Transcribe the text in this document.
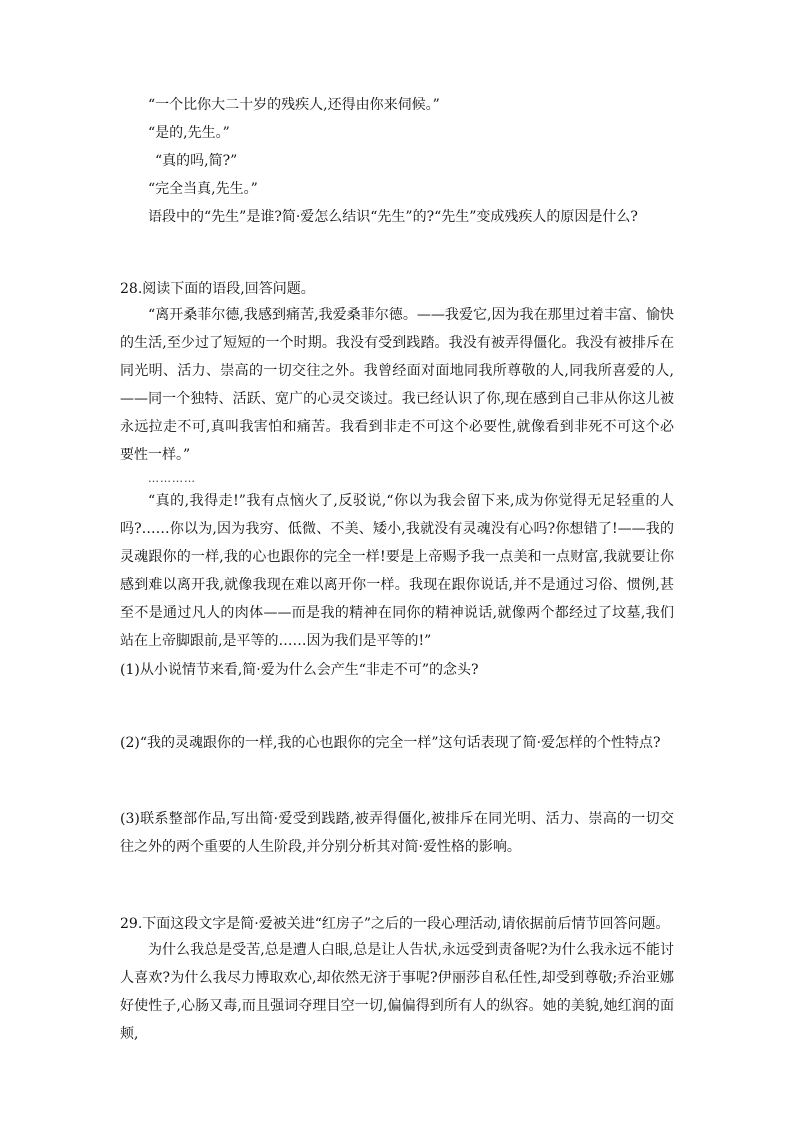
“一个比你大二十岁的残疾人,还得由你来伺候。”
“是的,先生。”
“真的吗,简?”
“完全当真,先生。”
语段中的“先生”是谁?简·爱怎么结识“先生”的?“先生”变成残疾人的原因是什么?
28.阅读下面的语段,回答问题。

“离开桑菲尔德,我感到痛苦,我爱桑菲尔德。——我爱它,因为我在那里过着丰富、愉快的生活,至少过了短短的一个时期。我没有受到践踏。我没有被弄得僵化。我没有被排斥在同光明、活力、崇高的一切交往之外。我曾经面对面地同我所尊敬的人,同我所喜爱的人,——同一个独特、活跃、宽广的心灵交谈过。我已经认识了你,现在感到自己非从你这儿被永远拉走不可,真叫我害怕和痛苦。我看到非走不可这个必要性,就像看到非死不可这个必要性一样。”

…………

“真的,我得走!”我有点恼火了,反驳说,“你以为我会留下来,成为你觉得无足轻重的人吗?……你以为,因为我穷、低微、不美、矮小,我就没有灵魂没有心吗?你想错了!——我的灵魂跟你的一样,我的心也跟你的完全一样!要是上帝赐予我一点美和一点财富,我就要让你感到难以离开我,就像我现在难以离开你一样。我现在跟你说话,并不是通过习俗、惯例,甚至不是通过凡人的肉体——而是我的精神在同你的精神说话,就像两个都经过了坟墓,我们站在上帝脚跟前,是平等的……因为我们是平等的!”

(1)从小说情节来看,简·爱为什么会产生“非走不可”的念头?
(2)“我的灵魂跟你的一样,我的心也跟你的完全一样”这句话表现了简·爱怎样的个性特点?

(3)联系整部作品,写出简·爱受到践踏,被弄得僵化,被排斥在同光明、活力、崇高的一切交往之外的两个重要的人生阶段,并分别分析其对简·爱性格的影响。

29.下面这段文字是简·爱被关进“红房子”之后的一段心理活动,请依据前后情节回答问题。

为什么我总是受苦,总是遭人白眼,总是让人告状,永远受到责备呢?为什么我永远不能讨人喜欢?为什么我尽力博取欢心,却依然无济于事呢?伊丽莎自私任性,却受到尊敬;乔治亚娜好使性子,心肠又毒,而且强词夺理目空一切,偏偏得到所有人的纵容。她的美貌,她红润的面颊,
